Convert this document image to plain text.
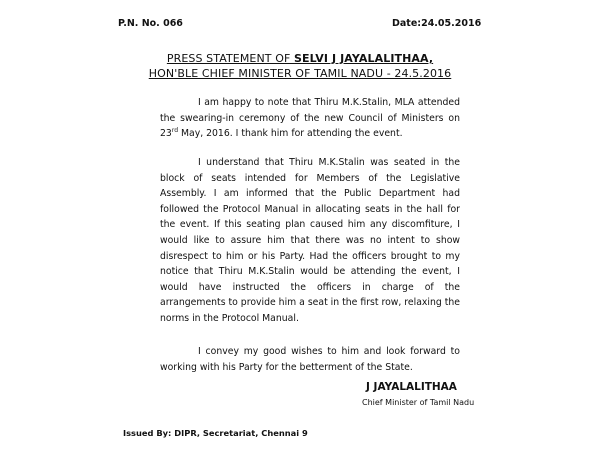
P.N. No. 066	Date:24.05.2016
PRESS STATEMENT OF SELVI J JAYALALITHAA,
HON'BLE CHIEF MINISTER OF TAMIL NADU - 24.5.2016
I am happy to note that Thiru M.K.Stalin, MLA attended the swearing-in ceremony of the new Council of Ministers on 23rd May, 2016. I thank him for attending the event.
I understand that Thiru M.K.Stalin was seated in the block of seats intended for Members of the Legislative Assembly. I am informed that the Public Department had followed the Protocol Manual in allocating seats in the hall for the event. If this seating plan caused him any discomfiture, I would like to assure him that there was no intent to show disrespect to him or his Party. Had the officers brought to my notice that Thiru M.K.Stalin would be attending the event, I would have instructed the officers in charge of the arrangements to provide him a seat in the first row, relaxing the norms in the Protocol Manual.
I convey my good wishes to him and look forward to working with his Party for the betterment of the State.
J JAYALALITHAA
Chief Minister of Tamil Nadu
Issued By: DIPR, Secretariat, Chennai 9
